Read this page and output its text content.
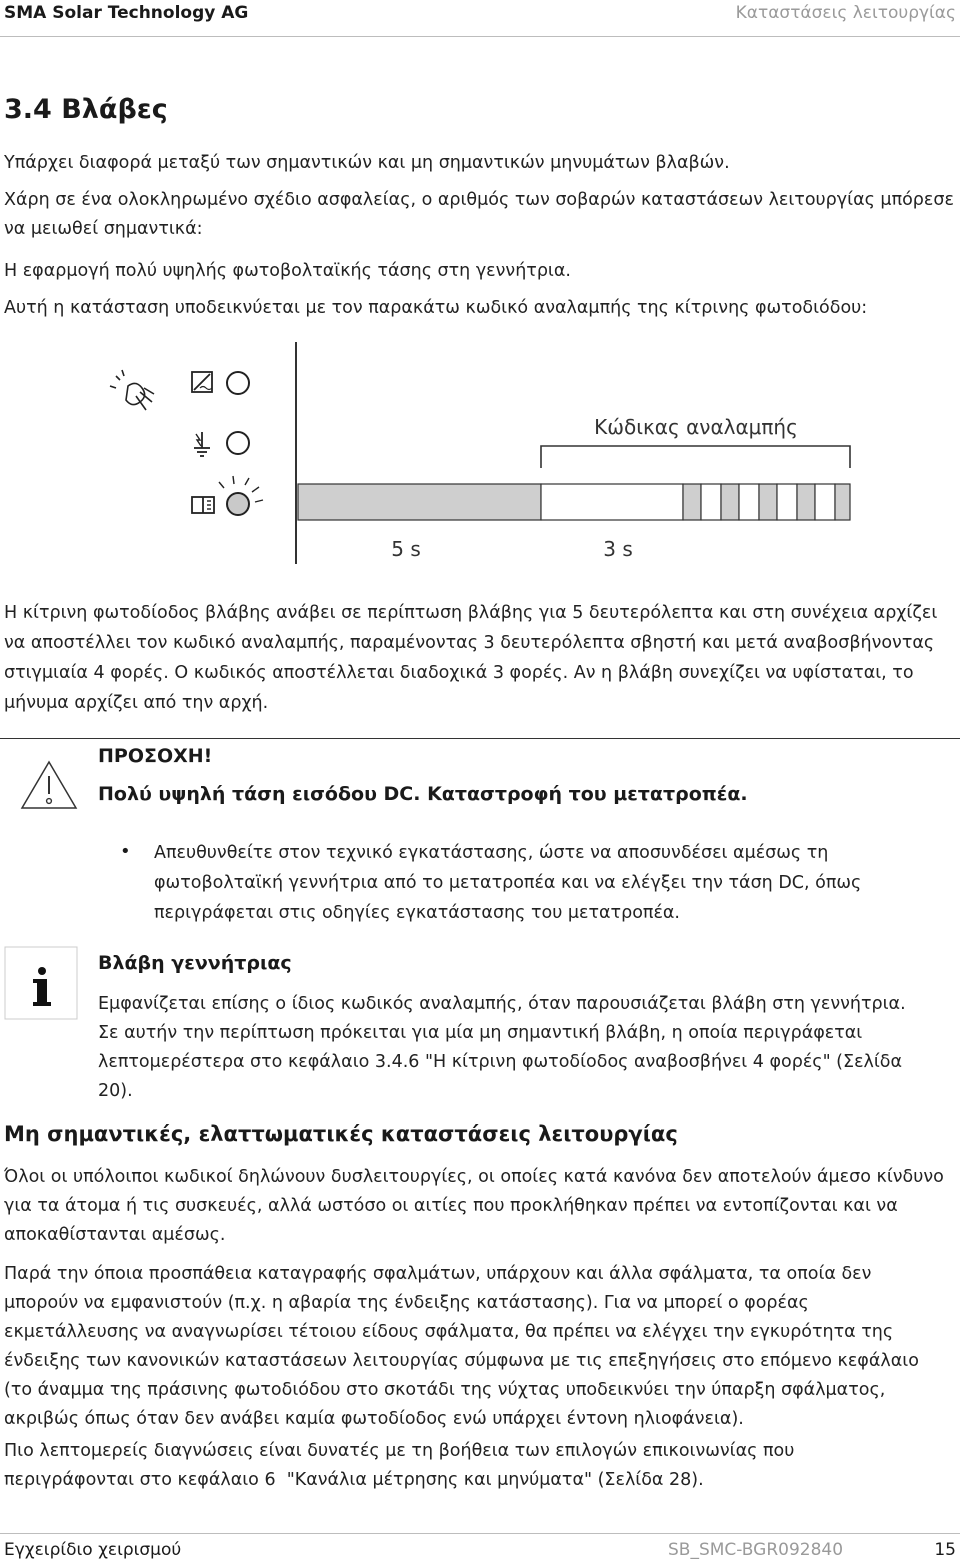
SMA Solar Technology AG	Καταστάσεις λειτουργίας
3.4 Βλάβες
Υπάρχει διαφορά μεταξύ των σημαντικών και μη σημαντικών μηνυμάτων βλαβών.
Χάρη σε ένα ολοκληρωμένο σχέδιο ασφαλείας, ο αριθμός των σοβαρών καταστάσεων λειτουργίας μπόρεσε να μειωθεί σημαντικά:
Η εφαρμογή πολύ υψηλής φωτοβολταϊκής τάσης στη γεννήτρια.
Αυτή η κατάσταση υποδεικνύεται με τον παρακάτω κωδικό αναλαμπής της κίτρινης φωτοδιόδου:
Κώδικας αναλαμπής
5 s	3 s
Η κίτρινη φωτοδίοδος βλάβης ανάβει σε περίπτωση βλάβης για 5 δευτερόλεπτα και στη συνέχεια αρχίζει να αποστέλλει τον κωδικό αναλαμπής, παραμένοντας 3 δευτερόλεπτα σβηστή και μετά αναβοσβήνοντας στιγμιαία 4 φορές. Ο κωδικός αποστέλλεται διαδοχικά 3 φορές. Αν η βλάβη συνεχίζει να υφίσταται, το μήνυμα αρχίζει από την αρχή.
ΠΡΟΣΟΧΗ!
Πολύ υψηλή τάση εισόδου DC. Καταστροφή του μετατροπέα.
• Απευθυνθείτε στον τεχνικό εγκατάστασης, ώστε να αποσυνδέσει αμέσως τη φωτοβολταϊκή γεννήτρια από το μετατροπέα και να ελέγξει την τάση DC, όπως περιγράφεται στις οδηγίες εγκατάστασης του μετατροπέα.
Βλάβη γεννήτριας
Εμφανίζεται επίσης ο ίδιος κωδικός αναλαμπής, όταν παρουσιάζεται βλάβη στη γεννήτρια. Σε αυτήν την περίπτωση πρόκειται για μία μη σημαντική βλάβη, η οποία περιγράφεται λεπτομερέστερα στο κεφάλαιο 3.4.6 "Η κίτρινη φωτοδίοδος αναβοσβήνει 4 φορές" (Σελίδα 20).
Μη σημαντικές, ελαττωματικές καταστάσεις λειτουργίας
Όλοι οι υπόλοιποι κωδικοί δηλώνουν δυσλειτουργίες, οι οποίες κατά κανόνα δεν αποτελούν άμεσο κίνδυνο για τα άτομα ή τις συσκευές, αλλά ωστόσο οι αιτίες που προκλήθηκαν πρέπει να εντοπίζονται και να αποκαθίστανται αμέσως.
Παρά την όποια προσπάθεια καταγραφής σφαλμάτων, υπάρχουν και άλλα σφάλματα, τα οποία δεν μπορούν να εμφανιστούν (π.χ. η αβαρία της ένδειξης κατάστασης). Για να μπορεί ο φορέας εκμετάλλευσης να αναγνωρίσει τέτοιου είδους σφάλματα, θα πρέπει να ελέγχει την εγκυρότητα της ένδειξης των κανονικών καταστάσεων λειτουργίας σύμφωνα με τις επεξηγήσεις στο επόμενο κεφάλαιο (το άναμμα της πράσινης φωτοδιόδου στο σκοτάδι της νύχτας υποδεικνύει την ύπαρξη σφάλματος, ακριβώς όπως όταν δεν ανάβει καμία φωτοδίοδος ενώ υπάρχει έντονη ηλιοφάνεια).
Πιο λεπτομερείς διαγνώσεις είναι δυνατές με τη βοήθεια των επιλογών επικοινωνίας που περιγράφονται στο κεφάλαιο 6  "Κανάλια μέτρησης και μηνύματα" (Σελίδα 28).
Εγχειρίδιο χειρισμού	SB_SMC-BGR092840	15
